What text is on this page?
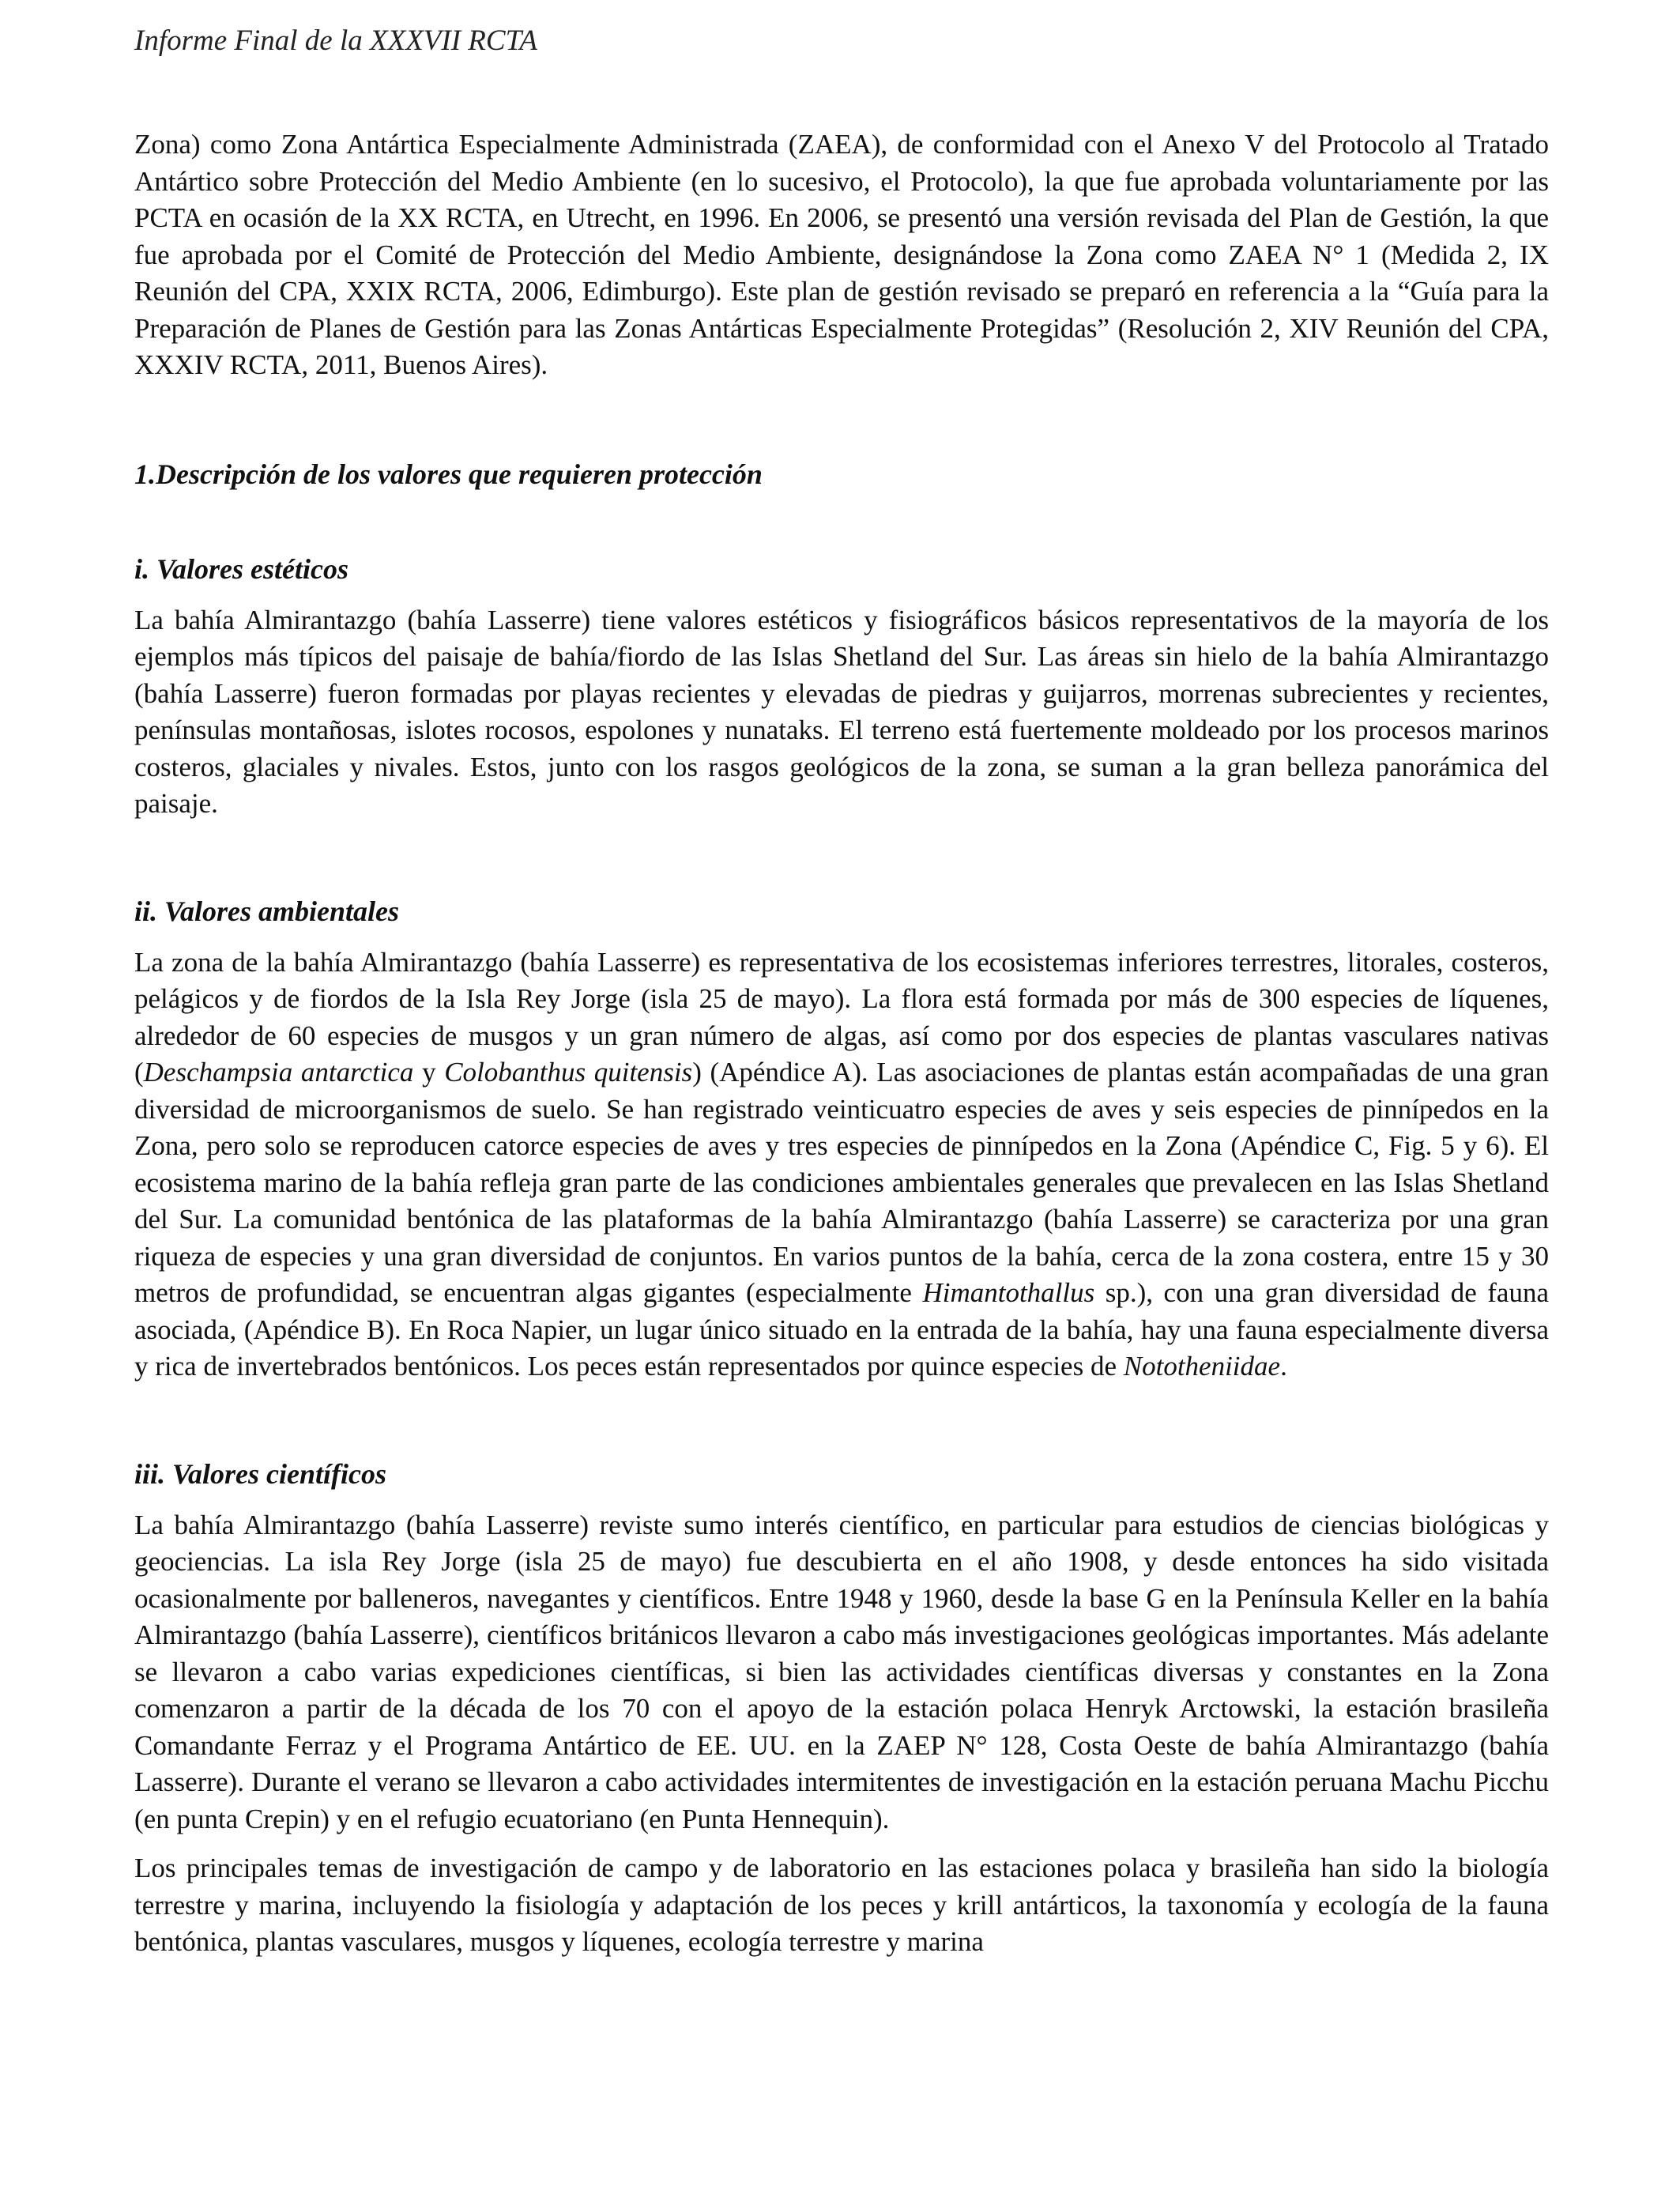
Informe Final de la XXXVII RCTA

Zona) como Zona Antártica Especialmente Administrada (ZAEA), de conformidad con el Anexo V del Protocolo al Tratado Antártico sobre Protección del Medio Ambiente (en lo sucesivo, el Protocolo), la que fue aprobada voluntariamente por las PCTA en ocasión de la XX RCTA, en Utrecht, en 1996. En 2006, se presentó una versión revisada del Plan de Gestión, la que fue aprobada por el Comité de Protección del Medio Ambiente, designándose la Zona como ZAEA N° 1 (Medida 2, IX Reunión del CPA, XXIX RCTA, 2006, Edimburgo). Este plan de gestión revisado se preparó en referencia a la “Guía para la Preparación de Planes de Gestión para las Zonas Antárticas Especialmente Protegidas” (Resolución 2, XIV Reunión del CPA, XXXIV RCTA, 2011, Buenos Aires).

1.Descripción de los valores que requieren protección
i. Valores estéticos

La bahía Almirantazgo (bahía Lasserre) tiene valores estéticos y fisiográficos básicos representativos de la mayoría de los ejemplos más típicos del paisaje de bahía/fiordo de las Islas Shetland del Sur. Las áreas sin hielo de la bahía Almirantazgo (bahía Lasserre) fueron formadas por playas recientes y elevadas de piedras y guijarros, morrenas subrecientes y recientes, penínsulas montañosas, islotes rocosos, espolones y nunataks. El terreno está fuertemente moldeado por los procesos marinos costeros, glaciales y nivales. Estos, junto con los rasgos geológicos de la zona, se suman a la gran belleza panorámica del paisaje.

ii. Valores ambientales

La zona de la bahía Almirantazgo (bahía Lasserre) es representativa de los ecosistemas inferiores terrestres, litorales, costeros, pelágicos y de fiordos de la Isla Rey Jorge (isla 25 de mayo). La flora está formada por más de 300 especies de líquenes, alrededor de 60 especies de musgos y un gran número de algas, así como por dos especies de plantas vasculares nativas (Deschampsia antarctica y Colobanthus quitensis) (Apéndice A). Las asociaciones de plantas están acompañadas de una gran diversidad de microorganismos de suelo. Se han registrado veinticuatro especies de aves y seis especies de pinnípedos en la Zona, pero solo se reproducen catorce especies de aves y tres especies de pinnípedos en la Zona (Apéndice C, Fig. 5 y 6). El ecosistema marino de la bahía refleja gran parte de las condiciones ambientales generales que prevalecen en las Islas Shetland del Sur. La comunidad bentónica de las plataformas de la bahía Almirantazgo (bahía Lasserre) se caracteriza por una gran riqueza de especies y una gran diversidad de conjuntos. En varios puntos de la bahía, cerca de la zona costera, entre 15 y 30 metros de profundidad, se encuentran algas gigantes (especialmente Himantothallus sp.), con una gran diversidad de fauna asociada, (Apéndice B). En Roca Napier, un lugar único situado en la entrada de la bahía, hay una fauna especialmente diversa y rica de invertebrados bentónicos. Los peces están representados por quince especies de Nototheniidae.

iii. Valores científicos

La bahía Almirantazgo (bahía Lasserre) reviste sumo interés científico, en particular para estudios de ciencias biológicas y geociencias. La isla Rey Jorge (isla 25 de mayo) fue descubierta en el año 1908, y desde entonces ha sido visitada ocasionalmente por balleneros, navegantes y científicos. Entre 1948 y 1960, desde la base G en la Península Keller en la bahía Almirantazgo (bahía Lasserre), científicos británicos llevaron a cabo más investigaciones geológicas importantes. Más adelante se llevaron a cabo varias expediciones científicas, si bien las actividades científicas diversas y constantes en la Zona comenzaron a partir de la década de los 70 con el apoyo de la estación polaca Henryk Arctowski, la estación brasileña Comandante Ferraz y el Programa Antártico de EE. UU. en la ZAEP N° 128, Costa Oeste de bahía Almirantazgo (bahía Lasserre). Durante el verano se llevaron a cabo actividades intermitentes de investigación en la estación peruana Machu Picchu (en punta Crepin) y en el refugio ecuatoriano (en Punta Hennequin).

Los principales temas de investigación de campo y de laboratorio en las estaciones polaca y brasileña han sido la biología terrestre y marina, incluyendo la fisiología y adaptación de los peces y krill antárticos, la taxonomía y ecología de la fauna bentónica, plantas vasculares, musgos y líquenes, ecología terrestre y marina
